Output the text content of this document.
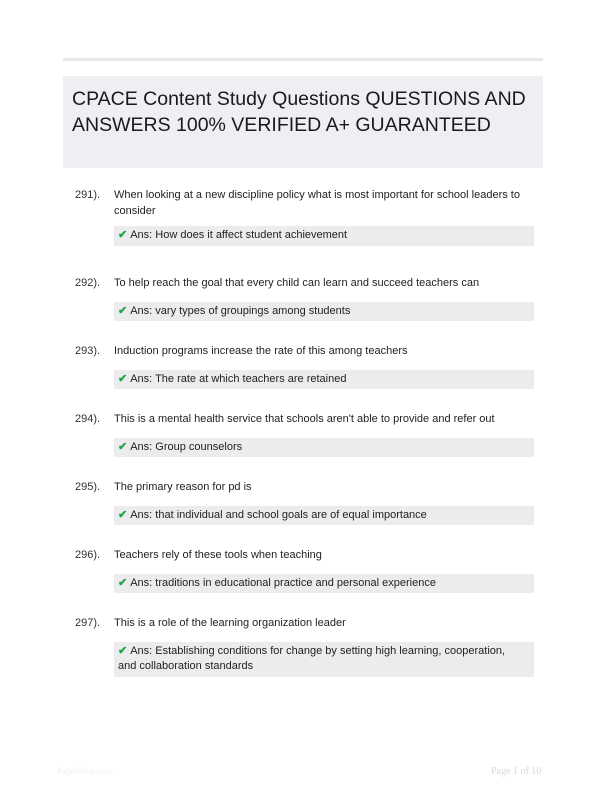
CPACE Content Study Questions QUESTIONS AND ANSWERS 100% VERIFIED A+ GUARANTEED
291).	When looking at a new discipline policy what is most important for school leaders to consider
✔ Ans: How does it affect student achievement
292).	To help reach the goal that every child can learn and succeed teachers can
✔ Ans: vary types of groupings among students
293).	Induction programs increase the rate of this among teachers
✔ Ans: The rate at which teachers are retained
294).	This is a mental health service that schools aren't able to provide and refer out
✔ Ans: Group counselors
295).	The primary reason for pd is
✔ Ans: that individual and school goals are of equal importance
296).	Teachers rely of these tools when teaching
✔ Ans: traditions in educational practice and personal experience
297).	This is a role of the learning organization leader
✔ Ans: Establishing conditions for change by setting high learning, cooperation, and collaboration standards
PaperBlitz.com	Page 1 of 10
